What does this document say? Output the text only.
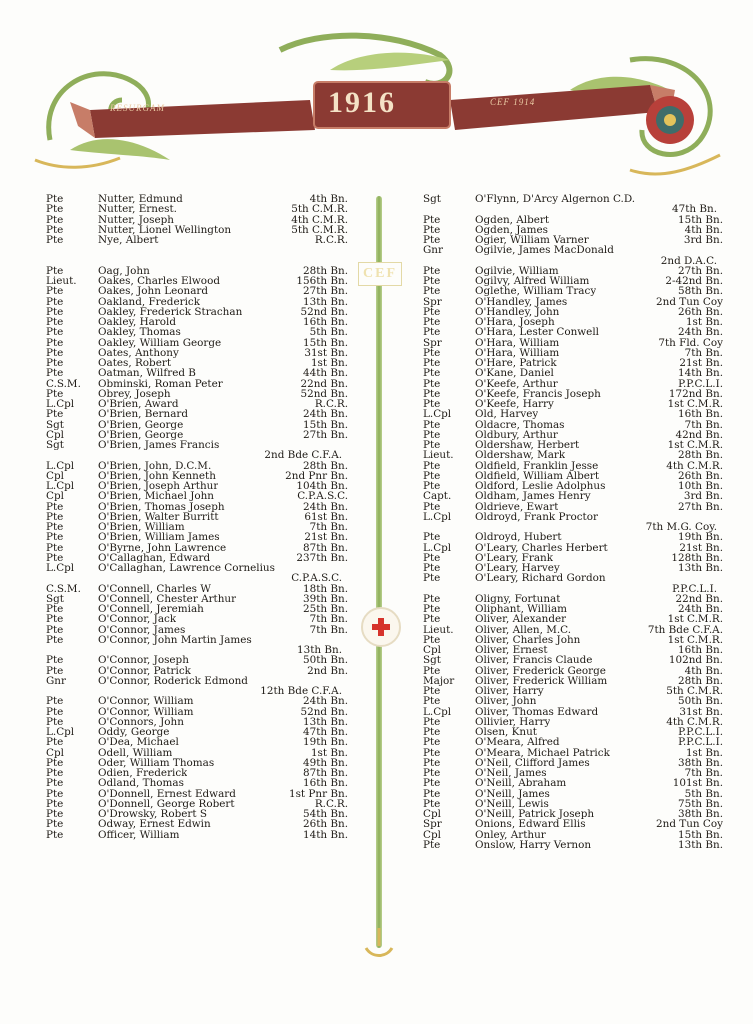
1916
RESURGAM
CEF 1914
Pte	Nutter, Edmund	4th Bn.
Pte	Nutter, Ernest.	5th C.M.R.
Pte	Nutter, Joseph	4th C.M.R.
Pte	Nutter, Lionel Wellington	5th C.M.R.
Pte	Nye, Albert	R.C.R.
Pte	Oag, John	28th Bn.
Lieut.	Oakes, Charles Elwood	156th Bn.
Pte	Oakes, John Leonard	27th Bn.
Pte	Oakland, Frederick	13th Bn.
Pte	Oakley, Frederick Strachan	52nd Bn.
Pte	Oakley, Harold	16th Bn.
Pte	Oakley, Thomas	5th Bn.
Pte	Oakley, William George	15th Bn.
Pte	Oates, Anthony	31st Bn.
Pte	Oates, Robert	1st Bn.
Pte	Oatman, Wilfred B	44th Bn.
C.S.M.	Obminski, Roman Peter	22nd Bn.
Pte	Obrey, Joseph	52nd Bn.
L.Cpl	O'Brien, Award	R.C.R.
Pte	O'Brien, Bernard	24th Bn.
Sgt	O'Brien, George	15th Bn.
Cpl	O'Brien, George	27th Bn.
Sgt	O'Brien, James Francis
2nd Bde C.F.A.
L.Cpl	O'Brien, John, D.C.M.	28th Bn.
Cpl	O'Brien, John Kenneth	2nd Pnr Bn.
L.Cpl	O'Brien, Joseph Arthur	104th Bn.
Cpl	O'Brien, Michael John	C.P.A.S.C.
Pte	O'Brien, Thomas Joseph	24th Bn.
Pte	O'Brien, Walter Burritt	61st Bn.
Pte	O'Brien, William	7th Bn.
Pte	O'Brien, William James	21st Bn.
Pte	O'Byrne, John Lawrence	87th Bn.
Pte	O'Callaghan, Edward	237th Bn.
L.Cpl	O'Callaghan, Lawrence Cornelius
C.P.A.S.C.
C.S.M.	O'Connell, Charles W	18th Bn.
Sgt	O'Connell, Chester Arthur	39th Bn.
Pte	O'Connell, Jeremiah	25th Bn.
Pte	O'Connor, Jack	7th Bn.
Pte	O'Connor, James	7th Bn.
Pte	O'Connor, John Martin James
13th Bn.
Pte	O'Connor, Joseph	50th Bn.
Pte	O'Connor, Patrick	2nd Bn.
Gnr	O'Connor, Roderick Edmond
12th Bde C.F.A.
Pte	O'Connor, William	24th Bn.
Pte	O'Connor, William	52nd Bn.
Pte	O'Connors, John	13th Bn.
L.Cpl	Oddy, George	47th Bn.
Pte	O'Dea, Michael	19th Bn.
Cpl	Odell, William	1st Bn.
Pte	Oder, William Thomas	49th Bn.
Pte	Odien, Frederick	87th Bn.
Pte	Odland, Thomas	16th Bn.
Pte	O'Donnell, Ernest Edward	1st Pnr Bn.
Pte	O'Donnell, George Robert	R.C.R.
Pte	O'Drowsky, Robert S	54th Bn.
Pte	Odway, Ernest Edwin	26th Bn.
Pte	Officer, William	14th Bn.
CEF
Sgt	O'Flynn, D'Arcy Algernon C.D.
47th Bn.
Pte	Ogden, Albert	15th Bn.
Pte	Ogden, James	4th Bn.
Pte	Ogier, William Varner	3rd Bn.
Gnr	Ogilvie, James MacDonald
2nd D.A.C.
Pte	Ogilvie, William	27th Bn.
Pte	Ogilvy, Alfred William	2-42nd Bn.
Pte	Oglethe, William Tracy	58th Bn.
Spr	O'Handley, James	2nd Tun Coy
Pte	O'Handley, John	26th Bn.
Pte	O'Hara, Joseph	1st Bn.
Pte	O'Hara, Lester Conwell	24th Bn.
Spr	O'Hara, William	7th Fld. Coy
Pte	O'Hara, William	7th Bn.
Pte	O'Hare, Patrick	21st Bn.
Pte	O'Kane, Daniel	14th Bn.
Pte	O'Keefe, Arthur	P.P.C.L.I.
Pte	O'Keefe, Francis Joseph	172nd Bn.
Pte	O'Keefe, Harry	1st C.M.R.
L.Cpl	Old, Harvey	16th Bn.
Pte	Oldacre, Thomas	7th Bn.
Pte	Oldbury, Arthur	42nd Bn.
Pte	Oldershaw, Herbert	1st C.M.R.
Lieut.	Oldershaw, Mark	28th Bn.
Pte	Oldfield, Franklin Jesse	4th C.M.R.
Pte	Oldfield, William Albert	26th Bn.
Pte	Oldford, Leslie Adolphus	10th Bn.
Capt.	Oldham, James Henry	3rd Bn.
Pte	Oldrieve, Ewart	27th Bn.
L.Cpl	Oldroyd, Frank Proctor
7th M.G. Coy.
Pte	Oldroyd, Hubert	19th Bn.
L.Cpl	O'Leary, Charles Herbert	21st Bn.
Pte	O'Leary, Frank	128th Bn.
Pte	O'Leary, Harvey	13th Bn.
Pte	O'Leary, Richard Gordon
P.P.C.L.I.
Pte	Oligny, Fortunat	22nd Bn.
Pte	Oliphant, William	24th Bn.
Pte	Oliver, Alexander	1st C.M.R.
Lieut.	Oliver, Allen, M.C.	7th Bde C.F.A.
Pte	Oliver, Charles John	1st C.M.R.
Cpl	Oliver, Ernest	16th Bn.
Sgt	Oliver, Francis Claude	102nd Bn.
Pte	Oliver, Frederick George	4th Bn.
Major	Oliver, Frederick William	28th Bn.
Pte	Oliver, Harry	5th C.M.R.
Pte	Oliver, John	50th Bn.
L.Cpl	Oliver, Thomas Edward	31st Bn.
Pte	Ollivier, Harry	4th C.M.R.
Pte	Olsen, Knut	P.P.C.L.I.
Pte	O'Meara, Alfred	P.P.C.L.I.
Pte	O'Meara, Michael Patrick	1st Bn.
Pte	O'Neil, Clifford James	38th Bn.
Pte	O'Neil, James	7th Bn.
Pte	O'Neill, Abraham	101st Bn.
Pte	O'Neill, James	5th Bn.
Pte	O'Neill, Lewis	75th Bn.
Cpl	O'Neill, Patrick Joseph	38th Bn.
Spr	Onions, Edward Ellis	2nd Tun Coy
Cpl	Onley, Arthur	15th Bn.
Pte	Onslow, Harry Vernon	13th Bn.
